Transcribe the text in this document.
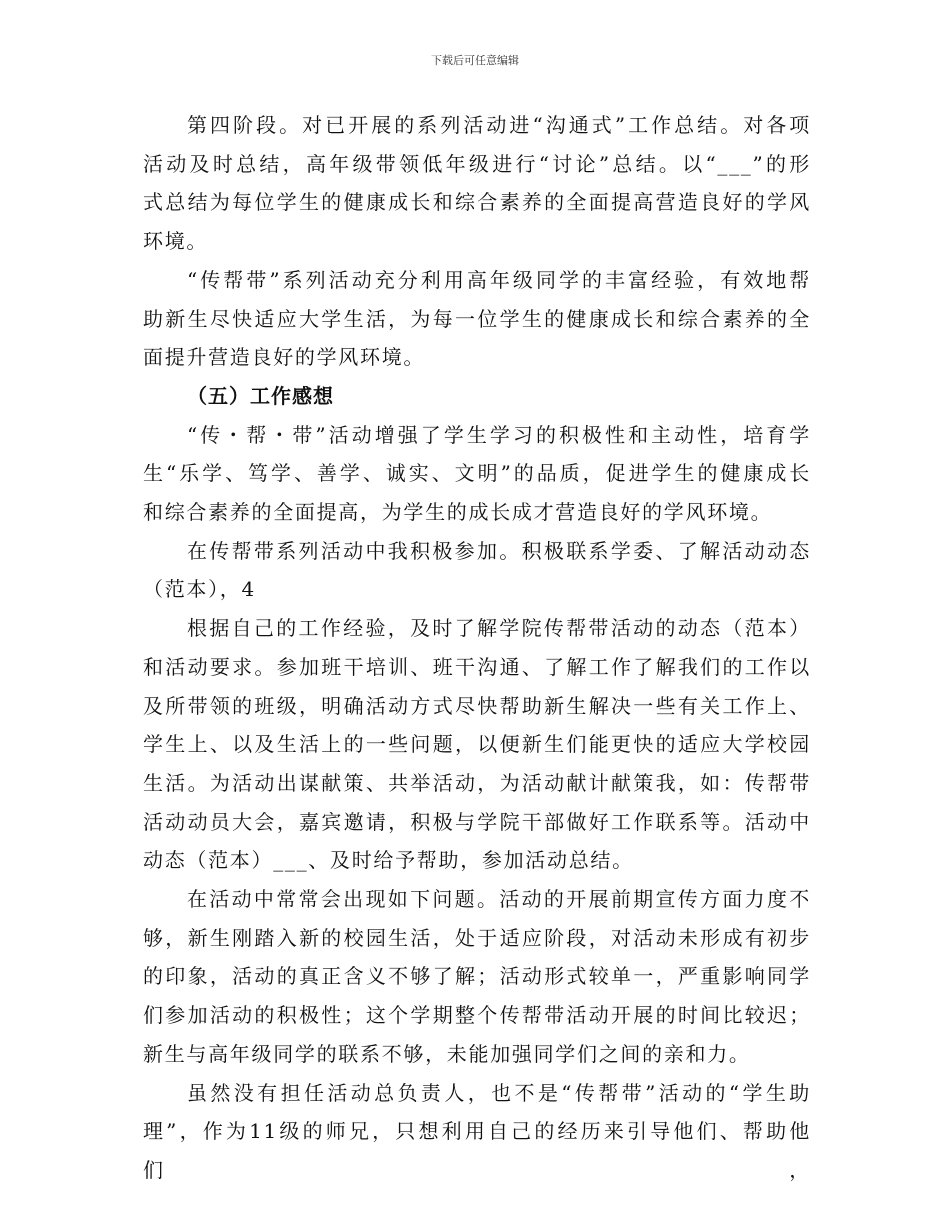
下载后可任意编辑
第四阶段。对已开展的系列活动进“沟通式”工作总结。对各项
活动及时总结，高年级带领低年级进行“讨论”总结。以“___”的形
式总结为每位学生的健康成长和综合素养的全面提高营造良好的学风
环境。
“传帮带”系列活动充分利用高年级同学的丰富经验，有效地帮
助新生尽快适应大学生活，为每一位学生的健康成长和综合素养的全
面提升营造良好的学风环境。
（五）工作感想
“传・帮・带”活动增强了学生学习的积极性和主动性，培育学
生“乐学、笃学、善学、诚实、文明”的品质，促进学生的健康成长
和综合素养的全面提高，为学生的成长成才营造良好的学风环境。
在传帮带系列活动中我积极参加。积极联系学委、了解活动动态
（范本），4
根据自己的工作经验，及时了解学院传帮带活动的动态（范本）
和活动要求。参加班干培训、班干沟通、了解工作了解我们的工作以
及所带领的班级，明确活动方式尽快帮助新生解决一些有关工作上、
学生上、以及生活上的一些问题，以便新生们能更快的适应大学校园
生活。为活动出谋献策、共举活动，为活动献计献策我，如：传帮带
活动动员大会，嘉宾邀请，积极与学院干部做好工作联系等。活动中
动态（范本）___、及时给予帮助，参加活动总结。
在活动中常常会出现如下问题。活动的开展前期宣传方面力度不
够，新生刚踏入新的校园生活，处于适应阶段，对活动未形成有初步
的印象，活动的真正含义不够了解；活动形式较单一，严重影响同学
们参加活动的积极性；这个学期整个传帮带活动开展的时间比较迟；
新生与高年级同学的联系不够，未能加强同学们之间的亲和力。
虽然没有担任活动总负责人，也不是“传帮带”活动的“学生助
理”，作为11级的师兄，只想利用自己的经历来引导他们、帮助他们，
